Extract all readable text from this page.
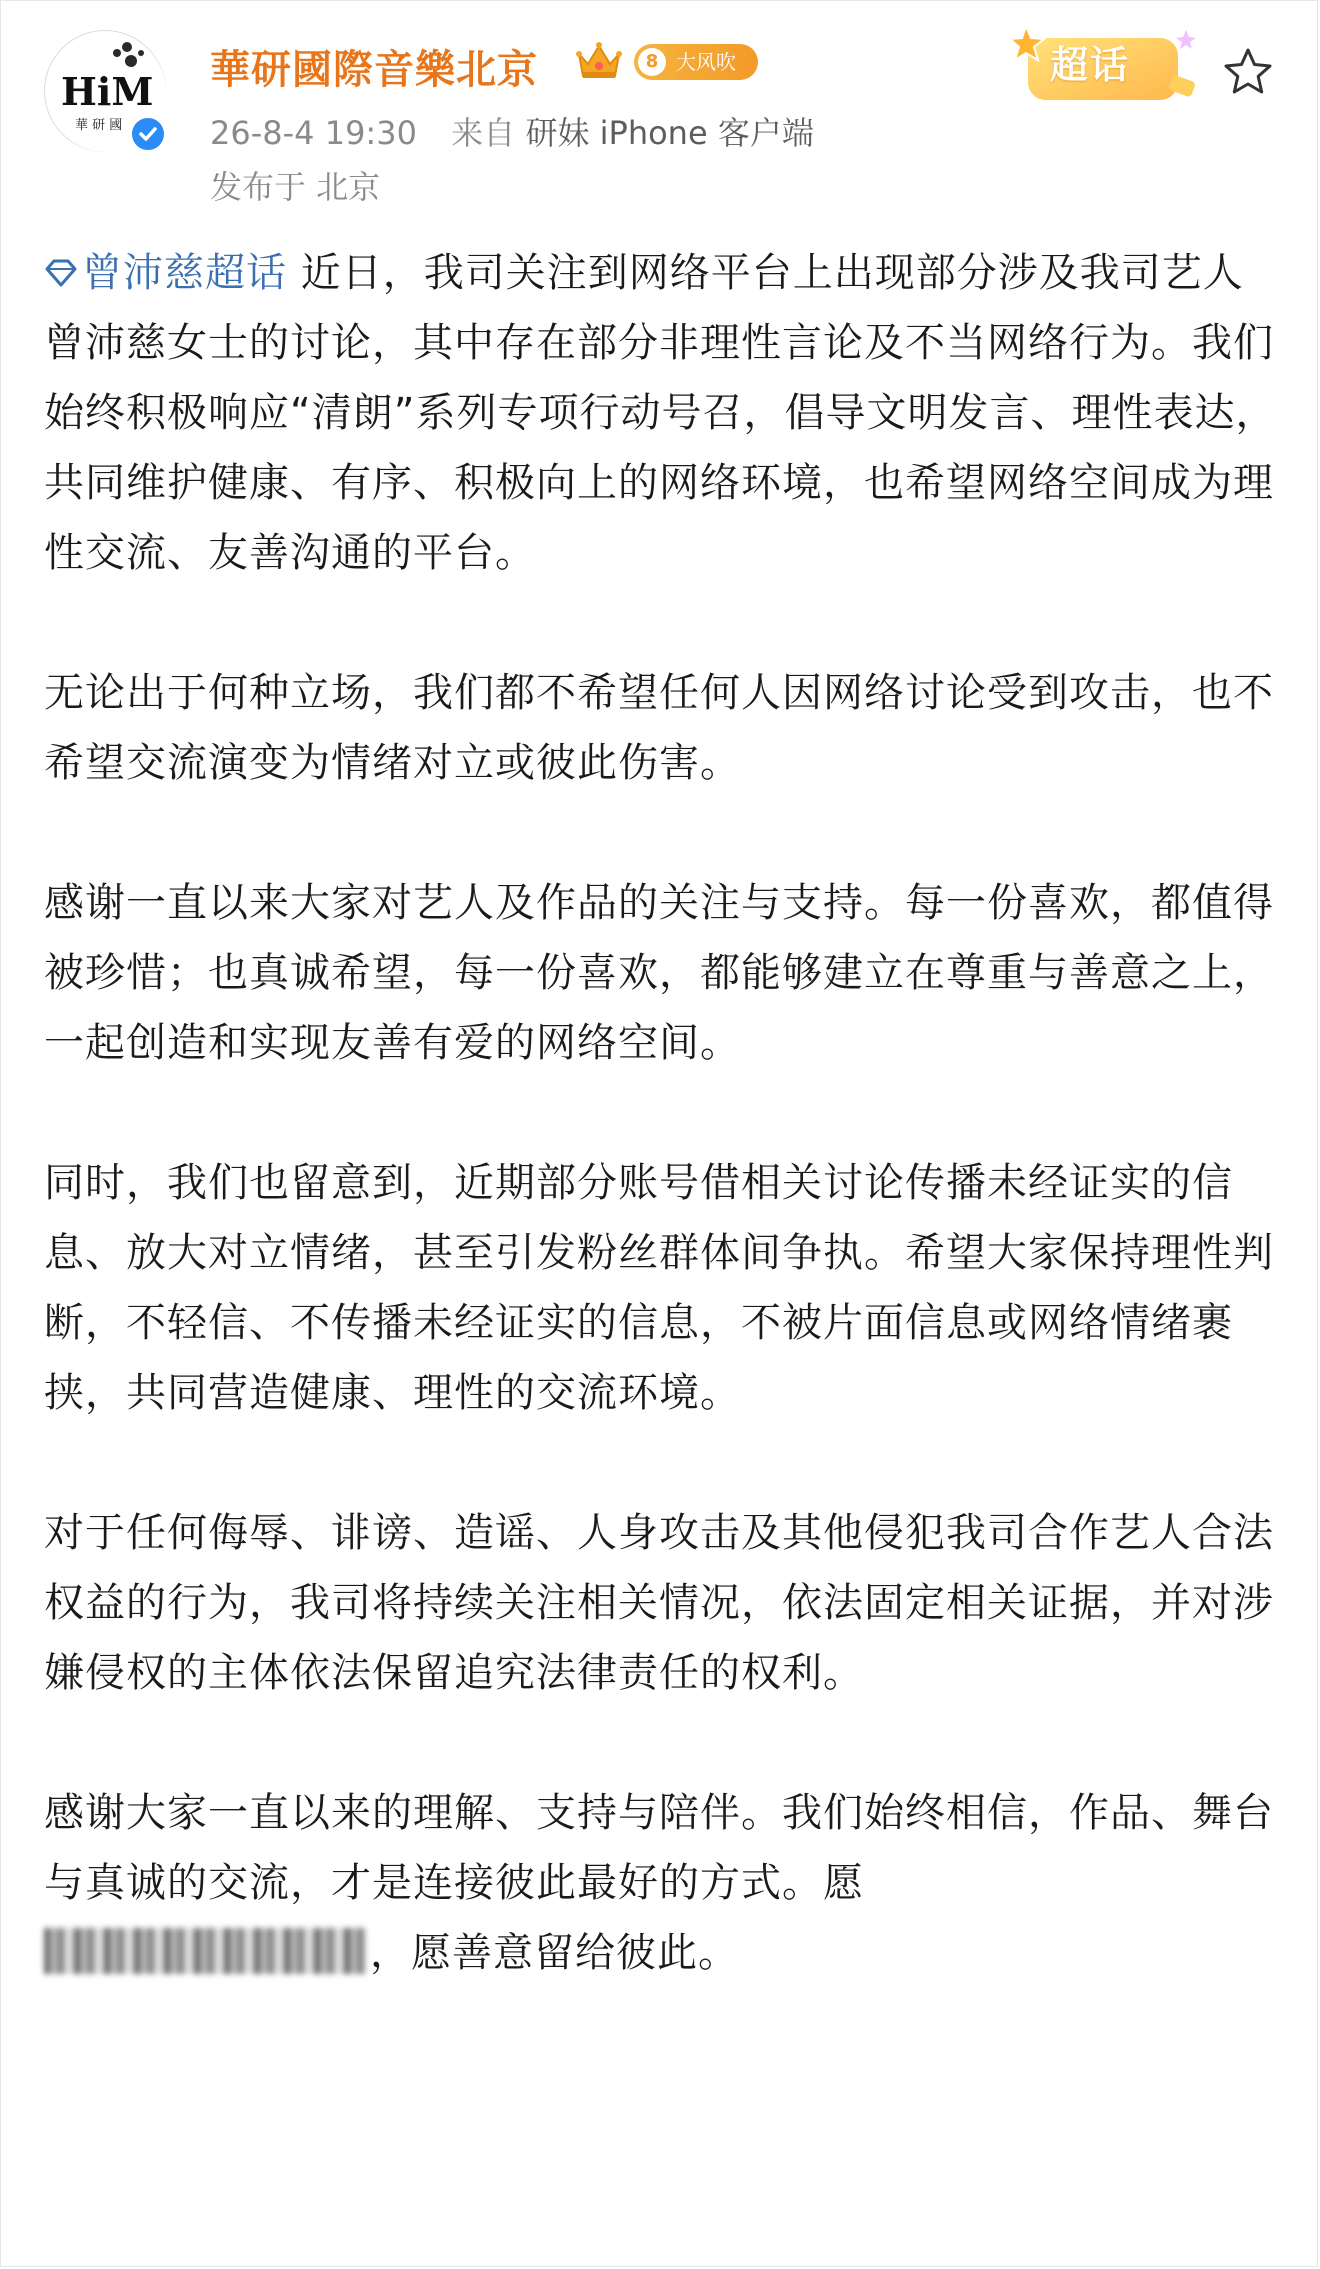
HiM
華 研 國
華研國際音樂北京	8 大风吹
26-8-4 19:30 来自 研妹 iPhone 客户端
发布于 北京
超话

曾沛慈超话 近日，我司关注到网络平台上出现部分涉及我司艺人曾沛慈女士的讨论，其中存在部分非理性言论及不当网络行为。我们始终积极响应“清朗”系列专项行动号召，倡导文明发言、理性表达，共同维护健康、有序、积极向上的网络环境，也希望网络空间成为理性交流、友善沟通的平台。

无论出于何种立场，我们都不希望任何人因网络讨论受到攻击，也不希望交流演变为情绪对立或彼此伤害。

感谢一直以来大家对艺人及作品的关注与支持。每一份喜欢，都值得被珍惜；也真诚希望，每一份喜欢，都能够建立在尊重与善意之上，一起创造和实现友善有爱的网络空间。

同时，我们也留意到，近期部分账号借相关讨论传播未经证实的信息、放大对立情绪，甚至引发粉丝群体间争执。希望大家保持理性判断，不轻信、不传播未经证实的信息，不被片面信息或网络情绪裹挟，共同营造健康、理性的交流环境。

对于任何侮辱、诽谤、造谣、人身攻击及其他侵犯我司合作艺人合法权益的行为，我司将持续关注相关情况，依法固定相关证据，并对涉嫌侵权的主体依法保留追究法律责任的权利。

感谢大家一直以来的理解、支持与陪伴。我们始终相信，作品、舞台与真诚的交流，才是连接彼此最好的方式。愿
，愿善意留给彼此。
